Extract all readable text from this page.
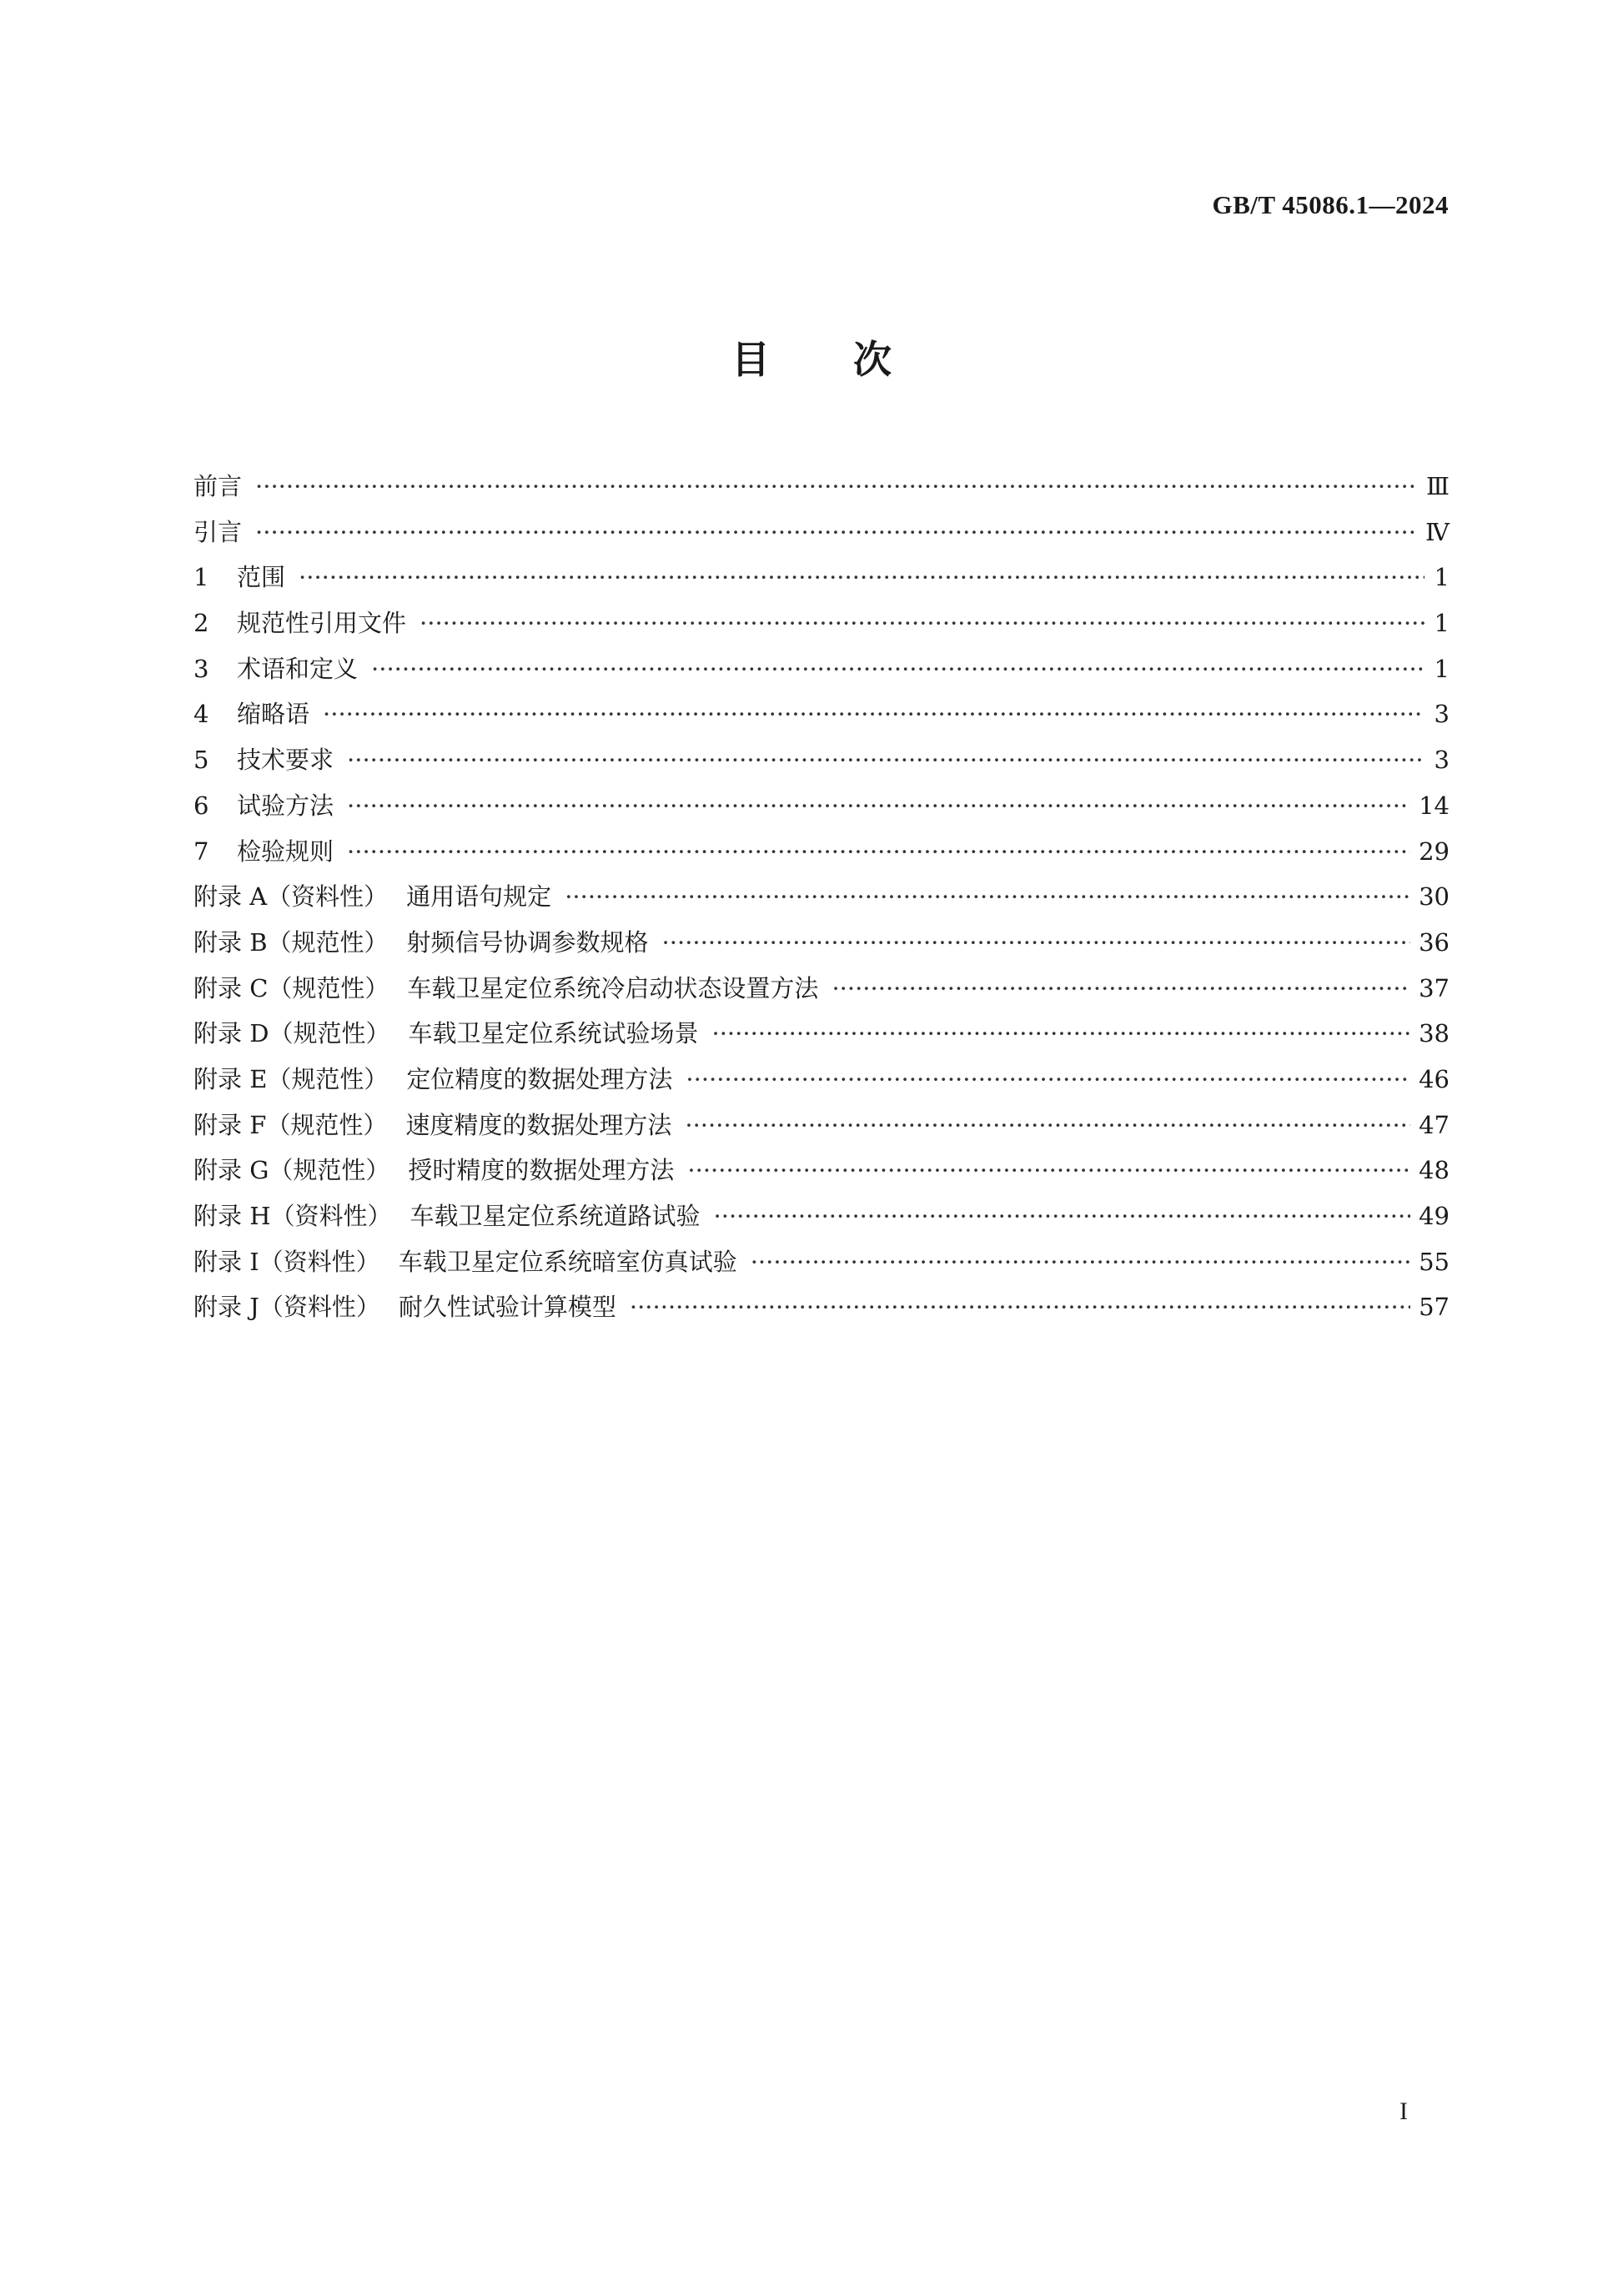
GB/T 45086.1—2024
目 次
前言 ·····	Ⅲ
引言 ·····	Ⅳ
1 范围 ·····	1
2 规范性引用文件 ·····	1
3 术语和定义 ·····	1
4 缩略语 ·····	3
5 技术要求 ·····	3
6 试验方法 ·····	14
7 检验规则 ·····	29
附录 A（资料性） 通用语句规定 ·····	30
附录 B（规范性） 射频信号协调参数规格 ·····	36
附录 C（规范性） 车载卫星定位系统冷启动状态设置方法 ·····	37
附录 D（规范性） 车载卫星定位系统试验场景 ·····	38
附录 E（规范性） 定位精度的数据处理方法 ·····	46
附录 F（规范性） 速度精度的数据处理方法 ·····	47
附录 G（规范性） 授时精度的数据处理方法 ·····	48
附录 H（资料性） 车载卫星定位系统道路试验 ·····	49
附录 I（资料性） 车载卫星定位系统暗室仿真试验 ·····	55
附录 J（资料性） 耐久性试验计算模型 ·····	57
I
